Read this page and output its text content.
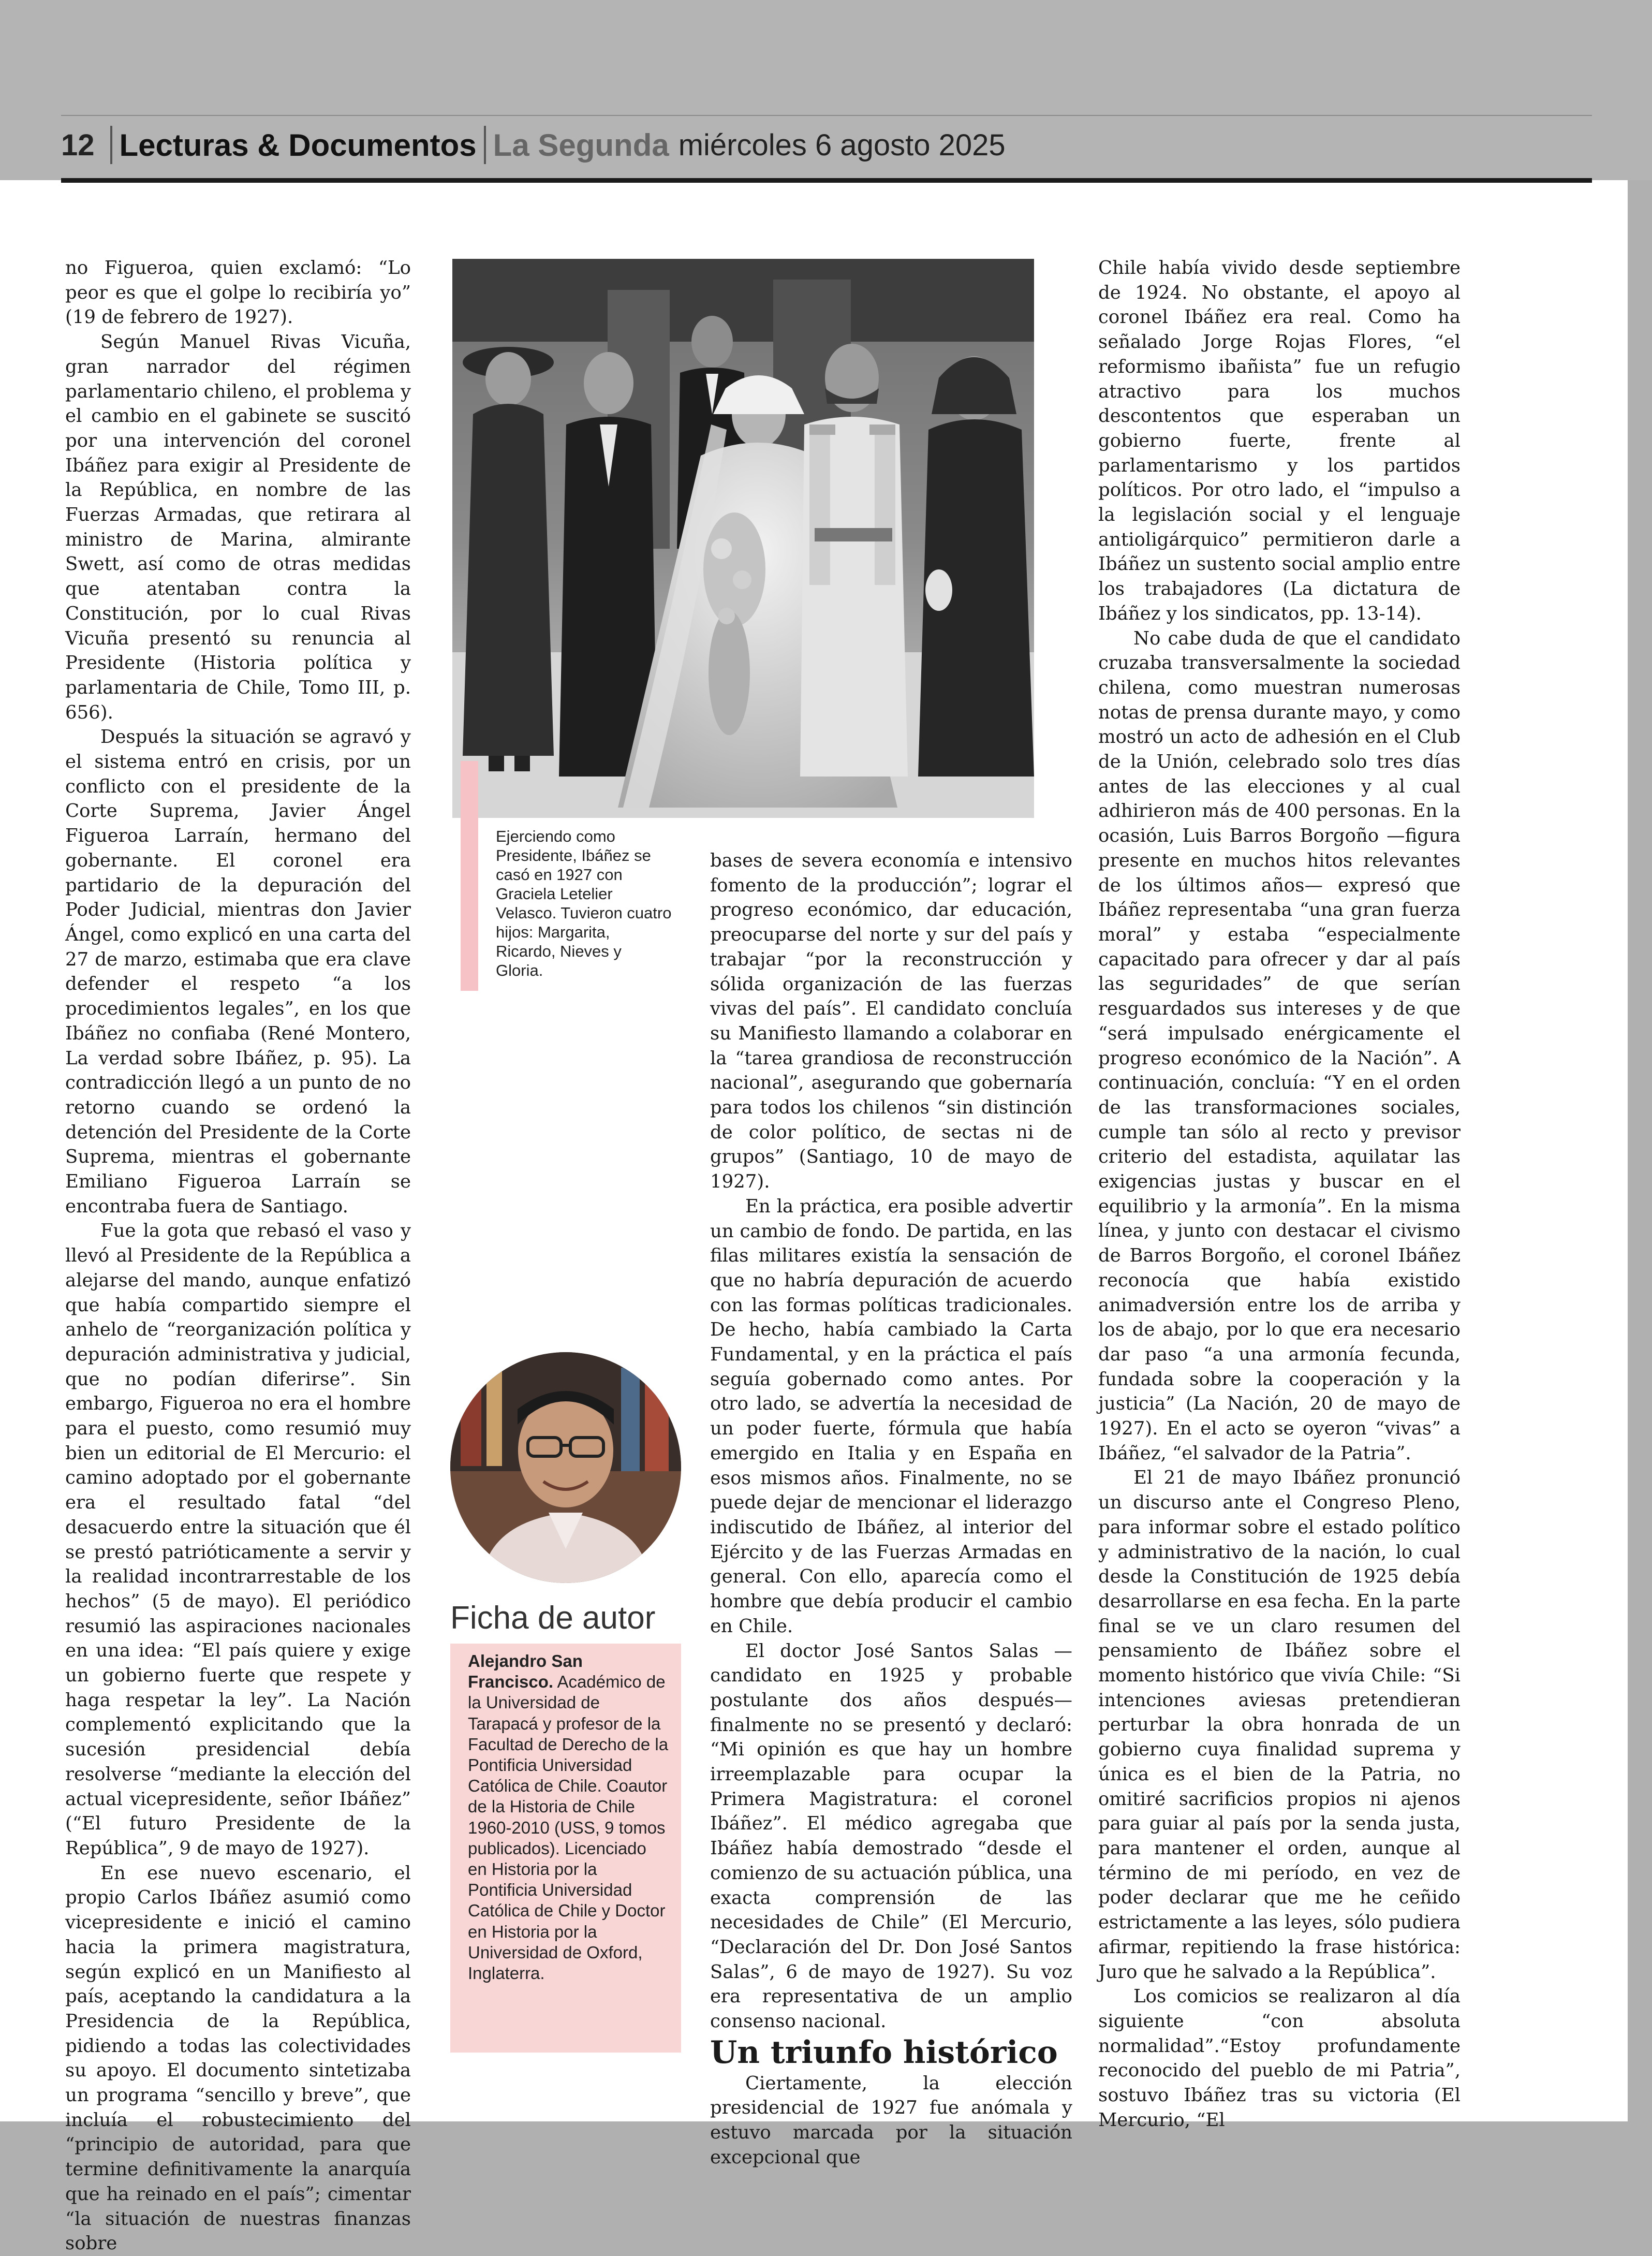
12 Lecturas & Documentos La Segunda miércoles 6 agosto 2025

no Figueroa, quien exclamó: “Lo peor es que el golpe lo recibiría yo” (19 de febrero de 1927).

Según Manuel Rivas Vicuña, gran narrador del régimen parlamentario chileno, el problema y el cambio en el gabinete se suscitó por una intervención del coronel Ibáñez para exigir al Presidente de la República, en nombre de las Fuerzas Armadas, que retirara al ministro de Marina, almirante Swett, así como de otras medidas que atentaban contra la Constitución, por lo cual Rivas Vicuña presentó su renuncia al Presidente (Historia política y parlamentaria de Chile, Tomo III, p. 656).

Después la situación se agravó y el sistema entró en crisis, por un conflicto con el presidente de la Corte Suprema, Javier Ángel Figueroa Larraín, hermano del gobernante. El coronel era partidario de la depuración del Poder Judicial, mientras don Javier Ángel, como explicó en una carta del 27 de marzo, estimaba que era clave defender el respeto “a los procedimientos legales”, en los que Ibáñez no confiaba (René Montero, La verdad sobre Ibáñez, p. 95). La contradicción llegó a un punto de no retorno cuando se ordenó la detención del Presidente de la Corte Suprema, mientras el gobernante Emiliano Figueroa Larraín se encontraba fuera de Santiago.

Fue la gota que rebasó el vaso y llevó al Presidente de la República a alejarse del mando, aunque enfatizó que había compartido siempre el anhelo de “reorganización política y depuración administrativa y judicial, que no podían diferirse”. Sin embargo, Figueroa no era el hombre para el puesto, como resumió muy bien un editorial de El Mercurio: el camino adoptado por el gobernante era el resultado fatal “del desacuerdo entre la situación que él se prestó patrióticamente a servir y la realidad incontrarrestable de los hechos” (5 de mayo). El periódico resumió las aspiraciones nacionales en una idea: “El país quiere y exige un gobierno fuerte que respete y haga respetar la ley”. La Nación complementó explicitando que la sucesión presidencial debía resolverse “mediante la elección del actual vicepresidente, señor Ibáñez” (“El futuro Presidente de la República”, 9 de mayo de 1927).

En ese nuevo escenario, el propio Carlos Ibáñez asumió como vicepresidente e inició el camino hacia la primera magistratura, según explicó en un Manifiesto al país, aceptando la candidatura a la Presidencia de la República, pidiendo a todas las colectividades su apoyo. El documento sintetizaba un programa “sencillo y breve”, que incluía el robustecimiento del “principio de autoridad, para que termine definitivamente la anarquía que ha reinado en el país”; cimentar “la situación de nuestras finanzas sobre

Ejerciendo como Presidente, Ibáñez se casó en 1927 con Graciela Letelier Velasco. Tuvieron cuatro hijos: Margarita, Ricardo, Nieves y Gloria.
Ficha de autor
Alejandro San Francisco. Académico de la Universidad de Tarapacá y profesor de la Facultad de Derecho de la Pontificia Universidad Católica de Chile. Coautor de la Historia de Chile 1960-2010 (USS, 9 tomos publicados). Licenciado en Historia por la Pontificia Universidad Católica de Chile y Doctor en Historia por la Universidad de Oxford, Inglaterra.

bases de severa economía e intensivo fomento de la producción”; lograr el progreso económico, dar educación, preocuparse del norte y sur del país y trabajar “por la reconstrucción y sólida organización de las fuerzas vivas del país”. El candidato concluía su Manifiesto llamando a colaborar en la “tarea grandiosa de reconstrucción nacional”, asegurando que gobernaría para todos los chilenos “sin distinción de color político, de sectas ni de grupos” (Santiago, 10 de mayo de 1927).

En la práctica, era posible advertir un cambio de fondo. De partida, en las filas militares existía la sensación de que no habría depuración de acuerdo con las formas políticas tradicionales. De hecho, había cambiado la Carta Fundamental, y en la práctica el país seguía gobernado como antes. Por otro lado, se advertía la necesidad de un poder fuerte, fórmula que había emergido en Italia y en España en esos mismos años. Finalmente, no se puede dejar de mencionar el liderazgo indiscutido de Ibáñez, al interior del Ejército y de las Fuerzas Armadas en general. Con ello, aparecía como el hombre que debía producir el cambio en Chile.

El doctor José Santos Salas —candidato en 1925 y probable postulante dos años después— finalmente no se presentó y declaró: “Mi opinión es que hay un hombre irreemplazable para ocupar la Primera Magistratura: el coronel Ibáñez”. El médico agregaba que Ibáñez había demostrado “desde el comienzo de su actuación pública, una exacta comprensión de las necesidades de Chile” (El Mercurio, “Declaración del Dr. Don José Santos Salas”, 6 de mayo de 1927). Su voz era representativa de un amplio consenso nacional.

Un triunfo histórico

Ciertamente, la elección presidencial de 1927 fue anómala y estuvo marcada por la situación excepcional que

Chile había vivido desde septiembre de 1924. No obstante, el apoyo al coronel Ibáñez era real. Como ha señalado Jorge Rojas Flores, “el reformismo ibañista” fue un refugio atractivo para los muchos descontentos que esperaban un gobierno fuerte, frente al parlamentarismo y los partidos políticos. Por otro lado, el “impulso a la legislación social y el lenguaje antioligárquico” permitieron darle a Ibáñez un sustento social amplio entre los trabajadores (La dictatura de Ibáñez y los sindicatos, pp. 13-14).

No cabe duda de que el candidato cruzaba transversalmente la sociedad chilena, como muestran numerosas notas de prensa durante mayo, y como mostró un acto de adhesión en el Club de la Unión, celebrado solo tres días antes de las elecciones y al cual adhirieron más de 400 personas. En la ocasión, Luis Barros Borgoño —figura presente en muchos hitos relevantes de los últimos años— expresó que Ibáñez representaba “una gran fuerza moral” y estaba “especialmente capacitado para ofrecer y dar al país las seguridades” de que serían resguardados sus intereses y de que “será impulsado enérgicamente el progreso económico de la Nación”. A continuación, concluía: “Y en el orden de las transformaciones sociales, cumple tan sólo al recto y previsor criterio del estadista, aquilatar las exigencias justas y buscar en el equilibrio y la armonía”. En la misma línea, y junto con destacar el civismo de Barros Borgoño, el coronel Ibáñez reconocía que había existido animadversión entre los de arriba y los de abajo, por lo que era necesario dar paso “a una armonía fecunda, fundada sobre la cooperación y la justicia” (La Nación, 20 de mayo de 1927). En el acto se oyeron “vivas” a Ibáñez, “el salvador de la Patria”.

El 21 de mayo Ibáñez pronunció un discurso ante el Congreso Pleno, para informar sobre el estado político y administrativo de la nación, lo cual desde la Constitución de 1925 debía desarrollarse en esa fecha. En la parte final se ve un claro resumen del pensamiento de Ibáñez sobre el momento histórico que vivía Chile: “Si intenciones aviesas pretendieran perturbar la obra honrada de un gobierno cuya finalidad suprema y única es el bien de la Patria, no omitiré sacrificios propios ni ajenos para guiar al país por la senda justa, para mantener el orden, aunque al término de mi período, en vez de poder declarar que me he ceñido estrictamente a las leyes, sólo pudiera afirmar, repitiendo la frase histórica: Juro que he salvado a la República”.

Los comicios se realizaron al día siguiente “con absoluta normalidad”.“Estoy profundamente reconocido del pueblo de mi Patria”, sostuvo Ibáñez tras su victoria (El Mercurio, “El
